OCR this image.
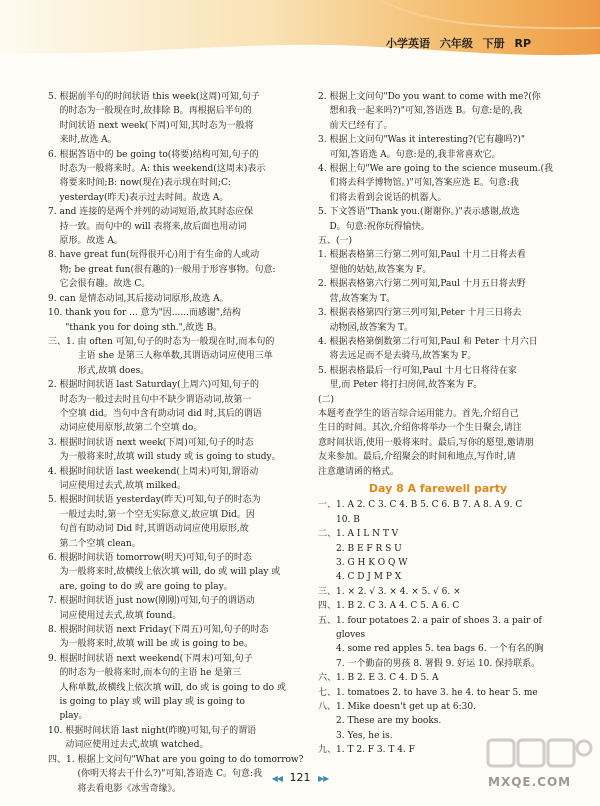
小学英语 六年级 下册 RP
5. 根据前半句的时间状语 this week(这周)可知,句子
的时态为一般现在时,故排除 B。再根据后半句的
时间状语 next week(下周)可知,其时态为一般将
来时,故选 A。
6. 根据答语中的 be going to(将要)结构可知,句子的
时态为一般将来时。A: this weekend(这周末)表示
将要来时间;B: now(现在)表示现在时间;C:
yesterday(昨天)表示过去时间。故选 A。
7. and 连接的是两个并列的动词短语,故其时态应保
持一致。而句中的 will 表将来,故后面也用动词
原形。故选 A。
8. have great fun(玩得很开心)用于有生命的人或动
物; be great fun(很有趣的)一般用于形容事物。句意:
它会很有趣。故选 C。
9. can 是情态动词,其后接动词原形,故选 A。
10. thank you for ... 意为"因......而感谢",结构
"thank you for doing sth.",故选 B。
三、1. 由 often 可知,句子的时态为一般现在时,而本句的
主语 she 是第三人称单数,其谓语动词应使用三单
形式,故填 does。
2. 根据时间状语 last Saturday(上周六)可知,句子的
时态为一般过去时且句中不缺少谓语动词,故第一
个空填 did。当句中含有助动词 did 时,其后的谓语
动词应使用原形,故第二个空填 do。
3. 根据时间状语 next week(下周)可知,句子的时态
为一般将来时,故填 will study 或 is going to study。
4. 根据时间状语 last weekend(上周末)可知,谓语动
词应使用过去式,故填 milked。
5. 根据时间状语 yesterday(昨天)可知,句子的时态为
一般过去时,第一个空无实际意义,故应填 Did。因
句首有助动词 Did 时,其谓语动词应使用原形,故
第二个空填 clean。
6. 根据时间状语 tomorrow(明天)可知,句子的时态
为一般将来时,故横线上依次填 will, do 或 will play 或
are, going to do 或 are going to play。
7. 根据时间状语 just now(刚刚)可知,句子的谓语动
词应使用过去式,故填 found。
8. 根据时间状语 next Friday(下周五)可知,句子的时态
为一般将来时,故填 will be 或 is going to be。
9. 根据时间状语 next weekend(下周末)可知,句子
的时态为一般将来时,而本句的主语 he 是第三
人称单数,故横线上依次填 will, do 或 is going to do 或
is going to play 或 will play 或 is going to
play。
10. 根据时间状语 last night(昨晚)可知,句子的谓语
动词应使用过去式,故填 watched。
四、1. 根据上文问句"What are you going to do tomorrow?
(你明天将去干什么?)"可知,答语选 C。句意:我
将去看电影《冰雪奇缘》。
2. 根据上文问句"Do you want to come with me?(你
想和我一起来吗?)"可知,答语选 B。句意:是的,我
前天已经有了。
3. 根据上文问句"Was it interesting?(它有趣吗?)"
可知,答语选 A。句意:是的,我非常喜欢它。
4. 根据上句"We are going to the science museum.(我
们将去科学博物馆。)"可知,答案应选 E。句意:我
们将去看到会说话的机器人。
5. 下文答语"Thank you.(谢谢你。)"表示感谢,故选
D。句意:祝你玩得愉快。
五、 (一)
1. 根据表格第三行第二列可知,Paul 十月二日将去看
望他的姑姑,故答案为 F。
2. 根据表格第六行第二列可知,Paul 十月五日将去野
营,故答案为 T。
3. 根据表格第四行第三列可知,Peter 十月三日将去
动物园,故答案为 T。
4. 根据表格第倒数第二行可知,Paul 和 Peter 十月六日
将去远足而不是去骑马,故答案为 F。
5. 根据表格最后一行可知,Paul 十月七日将待在家
里,而 Peter 将打扫房间,故答案为 F。
(二)
本题考查学生的语言综合运用能力。首先,介绍自己
生日的时间。其次,介绍你将举办一个生日聚会,请注
意时间状语,使用一般将来时。最后,写你的愿望,邀请朋
友来参加。最后,介绍聚会的时间和地点,写作时,请
注意邀请函的格式。
Day 8 A farewell party
一、 1. A 2. C 3. C 4. B 5. C 6. B 7. A 8. A 9. C
10. B
二、 1. A I L N T V
2. B E F R S U
3. G H K O Q W
4. C D J M P X
三、 1. × 2. √ 3. × 4. × 5. √ 6. ×
四、 1. B 2. C 3. A 4. C 5. A 6. C
五、 1. four potatoes 2. a pair of shoes 3. a pair of gloves
4. some red apples 5. tea bags 6. 一个有名的胸
7. 一个勤奋的男孩 8. 署假 9. 好运 10. 保持联系。
六、 1. B 2. E 3. C 4. D 5. A
七、 1. tomatoes 2. to have 3. he 4. to hear 5. me
八、 1. Mike doesn't get up at 6:30.
2. These are my books.
3. Yes, he is.
九、 1. T 2. F 3. T 4. F
MXQE.COM
◀◀ 121 ▶▶
